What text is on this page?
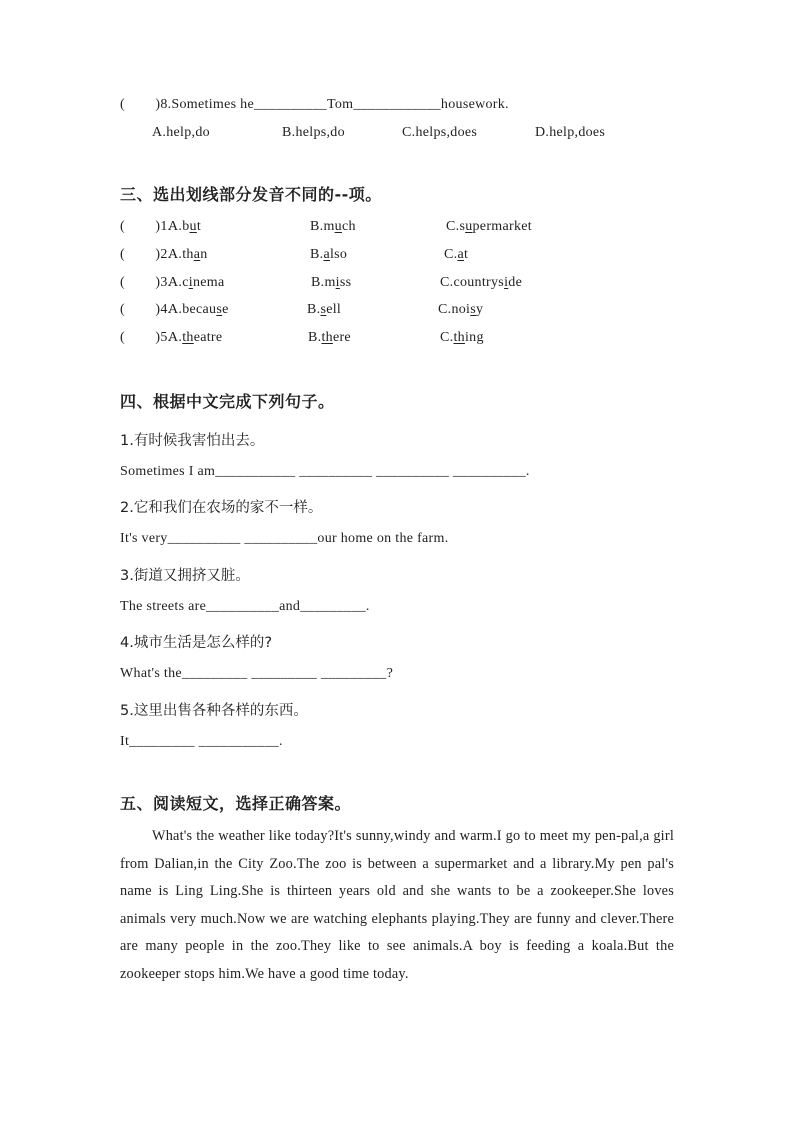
(        )8.Sometimes he__________Tom____________housework.
A.help,do	B.helps,do	C.helps,does	D.help,does
三、选出划线部分发音不同的--项。
(        )1.
A.but	B.much	C.supermarket
(        )2.
A.than	B.also	C.at
(        )3.
A.cinema	B.miss	C.countryside
(        )4.
A.because	B.sell	C.noisy
(        )5.
A.theatre	B.there	C.thing
四、根据中文完成下列句子。
1.有时候我害怕出去。
Sometimes I am___________ __________ __________ __________.
2.它和我们在农场的家不一样。
It's very__________ __________our home on the farm.
3.街道又拥挤又脏。
The streets are__________and_________.
4.城市生活是怎么样的?
What's the_________ _________ _________?
5.这里出售各种各样的东西。
It_________ ___________.
五、阅读短文，选择正确答案。
What's the weather like today?It's sunny,windy and warm.I go to meet my pen-pal,a girl from Dalian,in the City Zoo.The zoo is between a supermarket and a library.My pen pal's name is Ling Ling.She is thirteen years old and she wants to be a zookeeper.She loves animals very much.Now we are watching elephants playing.They are funny and clever.There are many people in the zoo.They like to see animals.A boy is feeding a koala.But the zookeeper stops him.We have a good time today.
